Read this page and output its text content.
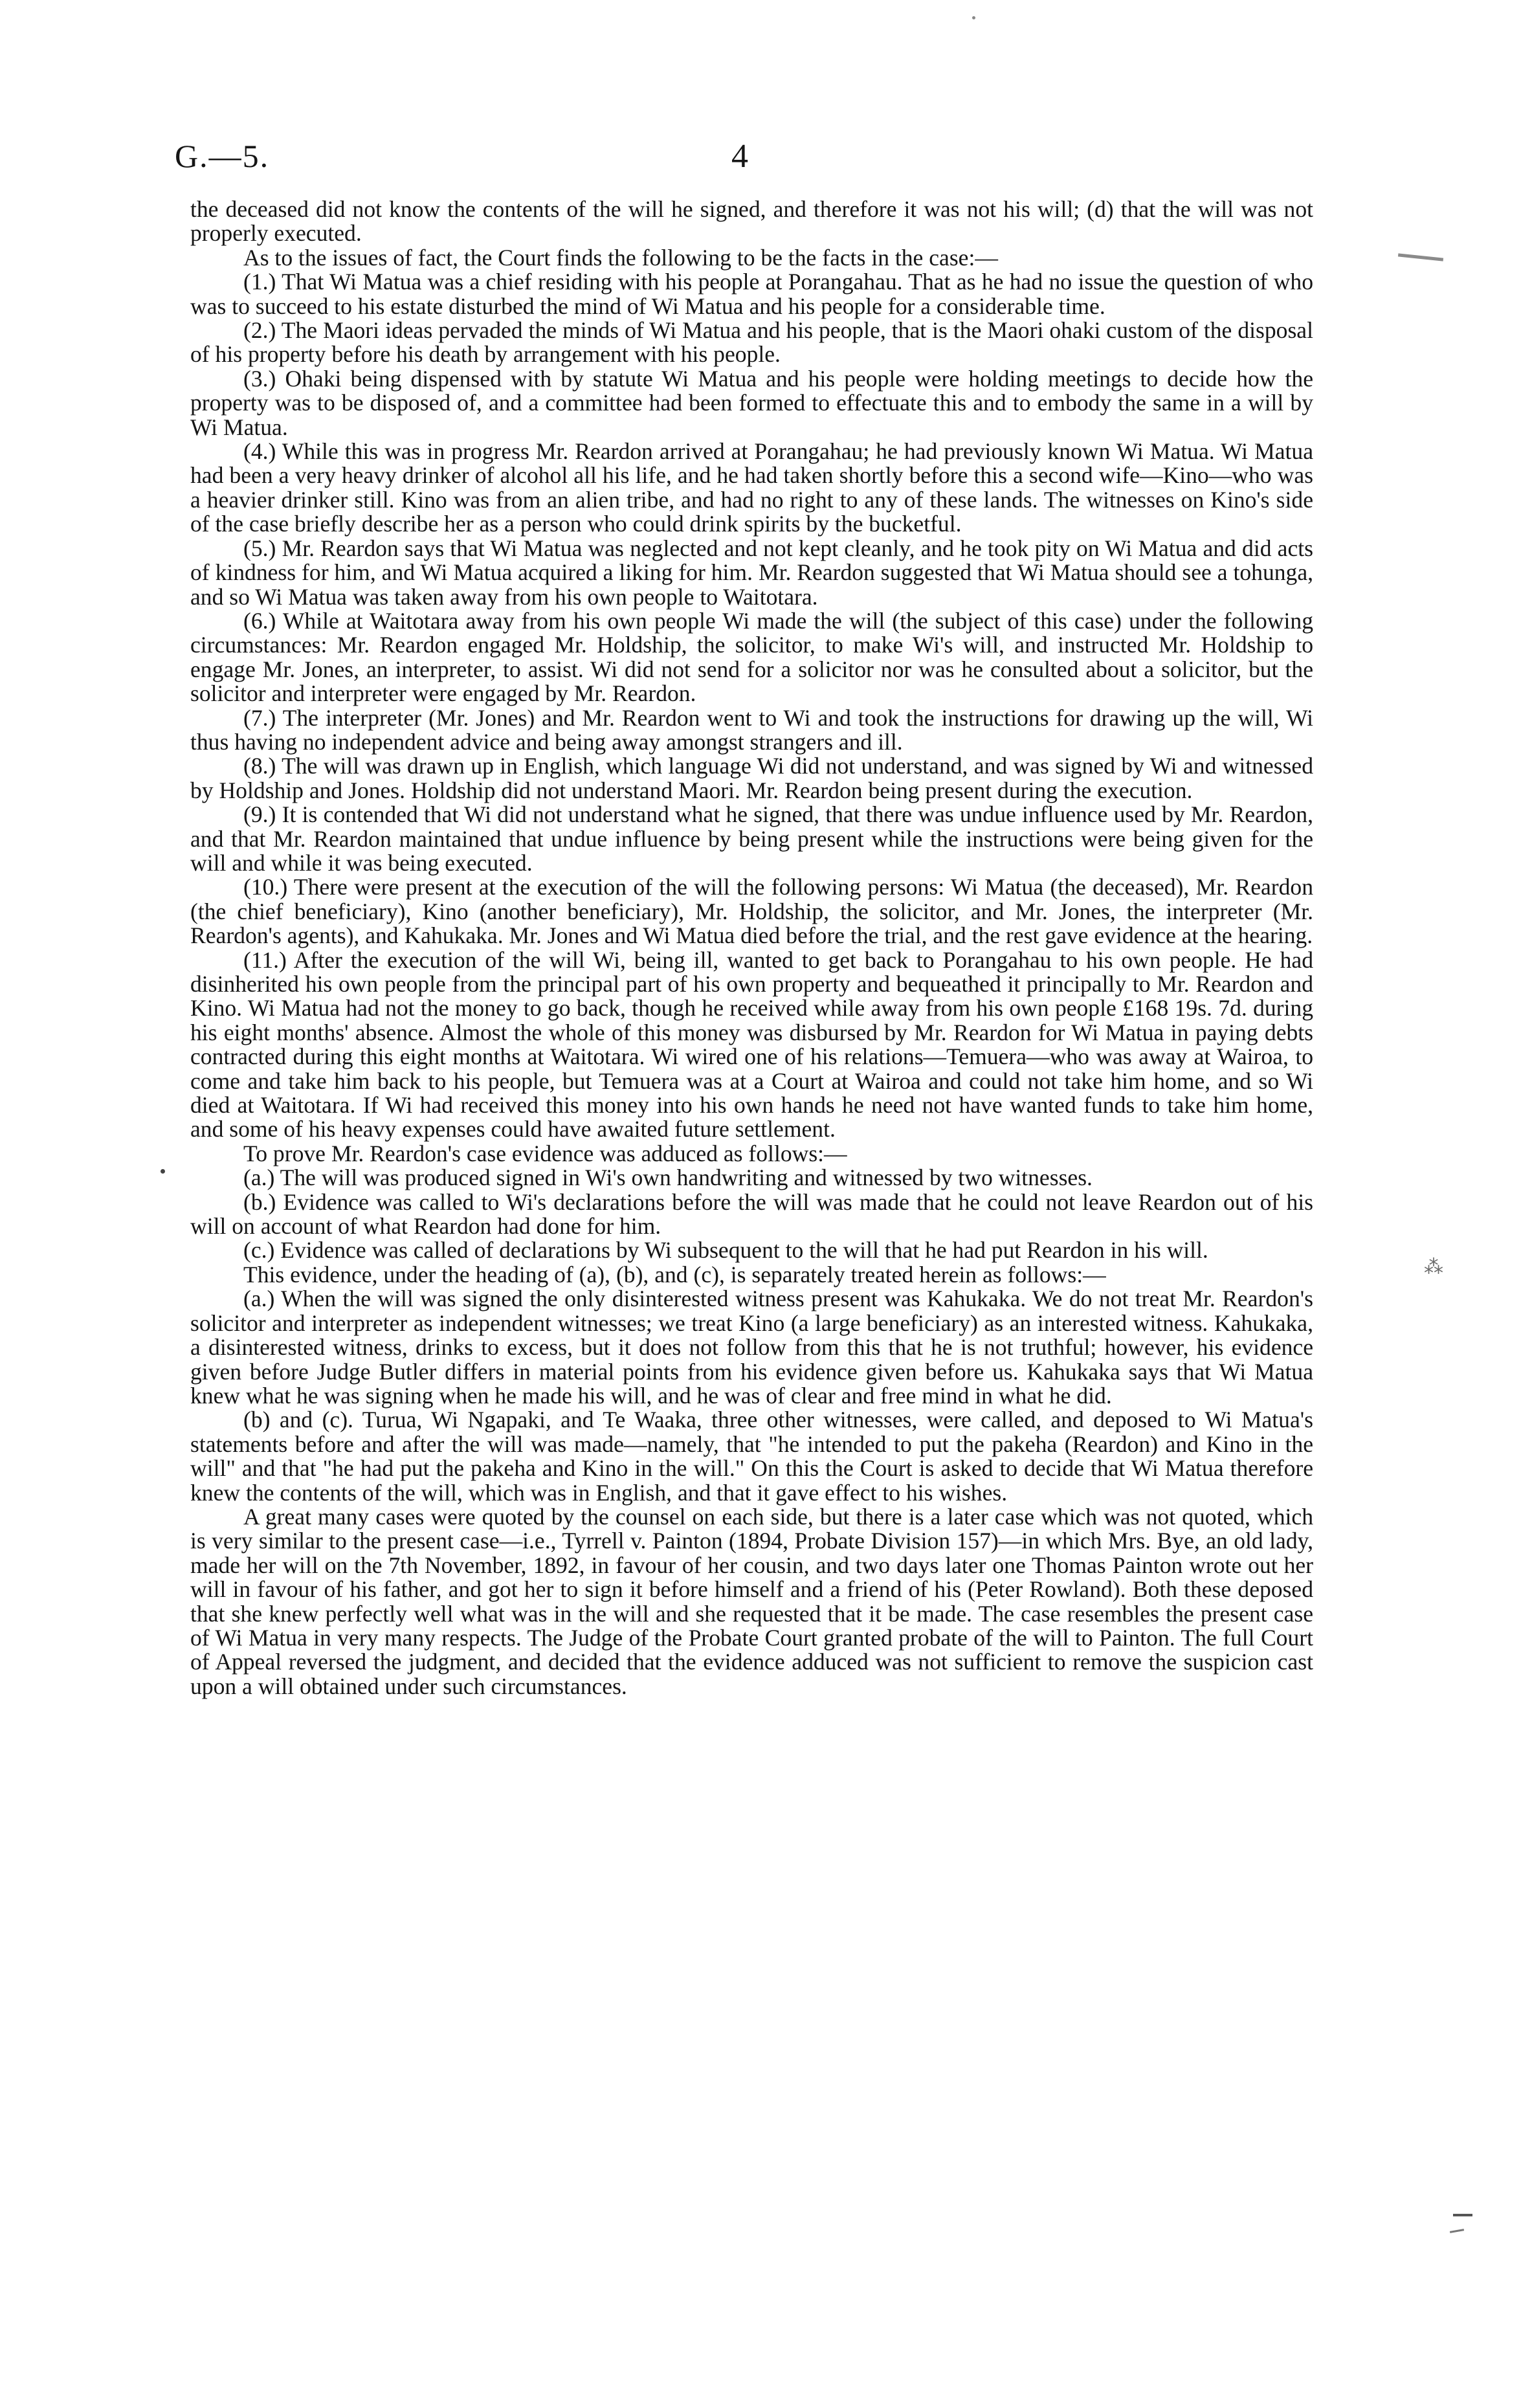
G.—5.	4

the deceased did not know the contents of the will he signed, and therefore it was not his will; (d) that the will was not properly executed.

As to the issues of fact, the Court finds the following to be the facts in the case:—

(1.) That Wi Matua was a chief residing with his people at Porangahau. That as he had no issue the question of who was to succeed to his estate disturbed the mind of Wi Matua and his people for a considerable time.

(2.) The Maori ideas pervaded the minds of Wi Matua and his people, that is the Maori ohaki custom of the disposal of his property before his death by arrangement with his people.

(3.) Ohaki being dispensed with by statute Wi Matua and his people were holding meetings to decide how the property was to be disposed of, and a committee had been formed to effectuate this and to embody the same in a will by Wi Matua.

(4.) While this was in progress Mr. Reardon arrived at Porangahau; he had previously known Wi Matua. Wi Matua had been a very heavy drinker of alcohol all his life, and he had taken shortly before this a second wife—Kino—who was a heavier drinker still. Kino was from an alien tribe, and had no right to any of these lands. The witnesses on Kino's side of the case briefly describe her as a person who could drink spirits by the bucketful.

(5.) Mr. Reardon says that Wi Matua was neglected and not kept cleanly, and he took pity on Wi Matua and did acts of kindness for him, and Wi Matua acquired a liking for him. Mr. Reardon suggested that Wi Matua should see a tohunga, and so Wi Matua was taken away from his own people to Waitotara.

(6.) While at Waitotara away from his own people Wi made the will (the subject of this case) under the following circumstances: Mr. Reardon engaged Mr. Holdship, the solicitor, to make Wi's will, and instructed Mr. Holdship to engage Mr. Jones, an interpreter, to assist. Wi did not send for a solicitor nor was he consulted about a solicitor, but the solicitor and interpreter were engaged by Mr. Reardon.

(7.) The interpreter (Mr. Jones) and Mr. Reardon went to Wi and took the instructions for drawing up the will, Wi thus having no independent advice and being away amongst strangers and ill.

(8.) The will was drawn up in English, which language Wi did not understand, and was signed by Wi and witnessed by Holdship and Jones. Holdship did not understand Maori. Mr. Reardon being present during the execution.

(9.) It is contended that Wi did not understand what he signed, that there was undue influence used by Mr. Reardon, and that Mr. Reardon maintained that undue influence by being present while the instructions were being given for the will and while it was being executed.

(10.) There were present at the execution of the will the following persons: Wi Matua (the deceased), Mr. Reardon (the chief beneficiary), Kino (another beneficiary), Mr. Holdship, the solicitor, and Mr. Jones, the interpreter (Mr. Reardon's agents), and Kahukaka. Mr. Jones and Wi Matua died before the trial, and the rest gave evidence at the hearing.

(11.) After the execution of the will Wi, being ill, wanted to get back to Porangahau to his own people. He had disinherited his own people from the principal part of his own property and bequeathed it principally to Mr. Reardon and Kino. Wi Matua had not the money to go back, though he received while away from his own people £168 19s. 7d. during his eight months' absence. Almost the whole of this money was disbursed by Mr. Reardon for Wi Matua in paying debts contracted during this eight months at Waitotara. Wi wired one of his relations—Temuera—who was away at Wairoa, to come and take him back to his people, but Temuera was at a Court at Wairoa and could not take him home, and so Wi died at Waitotara. If Wi had received this money into his own hands he need not have wanted funds to take him home, and some of his heavy expenses could have awaited future settlement.

To prove Mr. Reardon's case evidence was adduced as follows:—

(a.) The will was produced signed in Wi's own handwriting and witnessed by two witnesses.

(b.) Evidence was called to Wi's declarations before the will was made that he could not leave Reardon out of his will on account of what Reardon had done for him.

(c.) Evidence was called of declarations by Wi subsequent to the will that he had put Reardon in his will.

This evidence, under the heading of (a), (b), and (c), is separately treated herein as follows:—

(a.) When the will was signed the only disinterested witness present was Kahukaka. We do not treat Mr. Reardon's solicitor and interpreter as independent witnesses; we treat Kino (a large beneficiary) as an interested witness. Kahukaka, a disinterested witness, drinks to excess, but it does not follow from this that he is not truthful; however, his evidence given before Judge Butler differs in material points from his evidence given before us. Kahukaka says that Wi Matua knew what he was signing when he made his will, and he was of clear and free mind in what he did.

(b) and (c). Turua, Wi Ngapaki, and Te Waaka, three other witnesses, were called, and deposed to Wi Matua's statements before and after the will was made—namely, that "he intended to put the pakeha (Reardon) and Kino in the will" and that "he had put the pakeha and Kino in the will." On this the Court is asked to decide that Wi Matua therefore knew the contents of the will, which was in English, and that it gave effect to his wishes.

A great many cases were quoted by the counsel on each side, but there is a later case which was not quoted, which is very similar to the present case—i.e., Tyrrell v. Painton (1894, Probate Division 157)—in which Mrs. Bye, an old lady, made her will on the 7th November, 1892, in favour of her cousin, and two days later one Thomas Painton wrote out her will in favour of his father, and got her to sign it before himself and a friend of his (Peter Rowland). Both these deposed that she knew perfectly well what was in the will and she requested that it be made. The case resembles the present case of Wi Matua in very many respects. The Judge of the Probate Court granted probate of the will to Painton. The full Court of Appeal reversed the judgment, and decided that the evidence adduced was not sufficient to remove the suspicion cast upon a will obtained under such circumstances.

⁂
